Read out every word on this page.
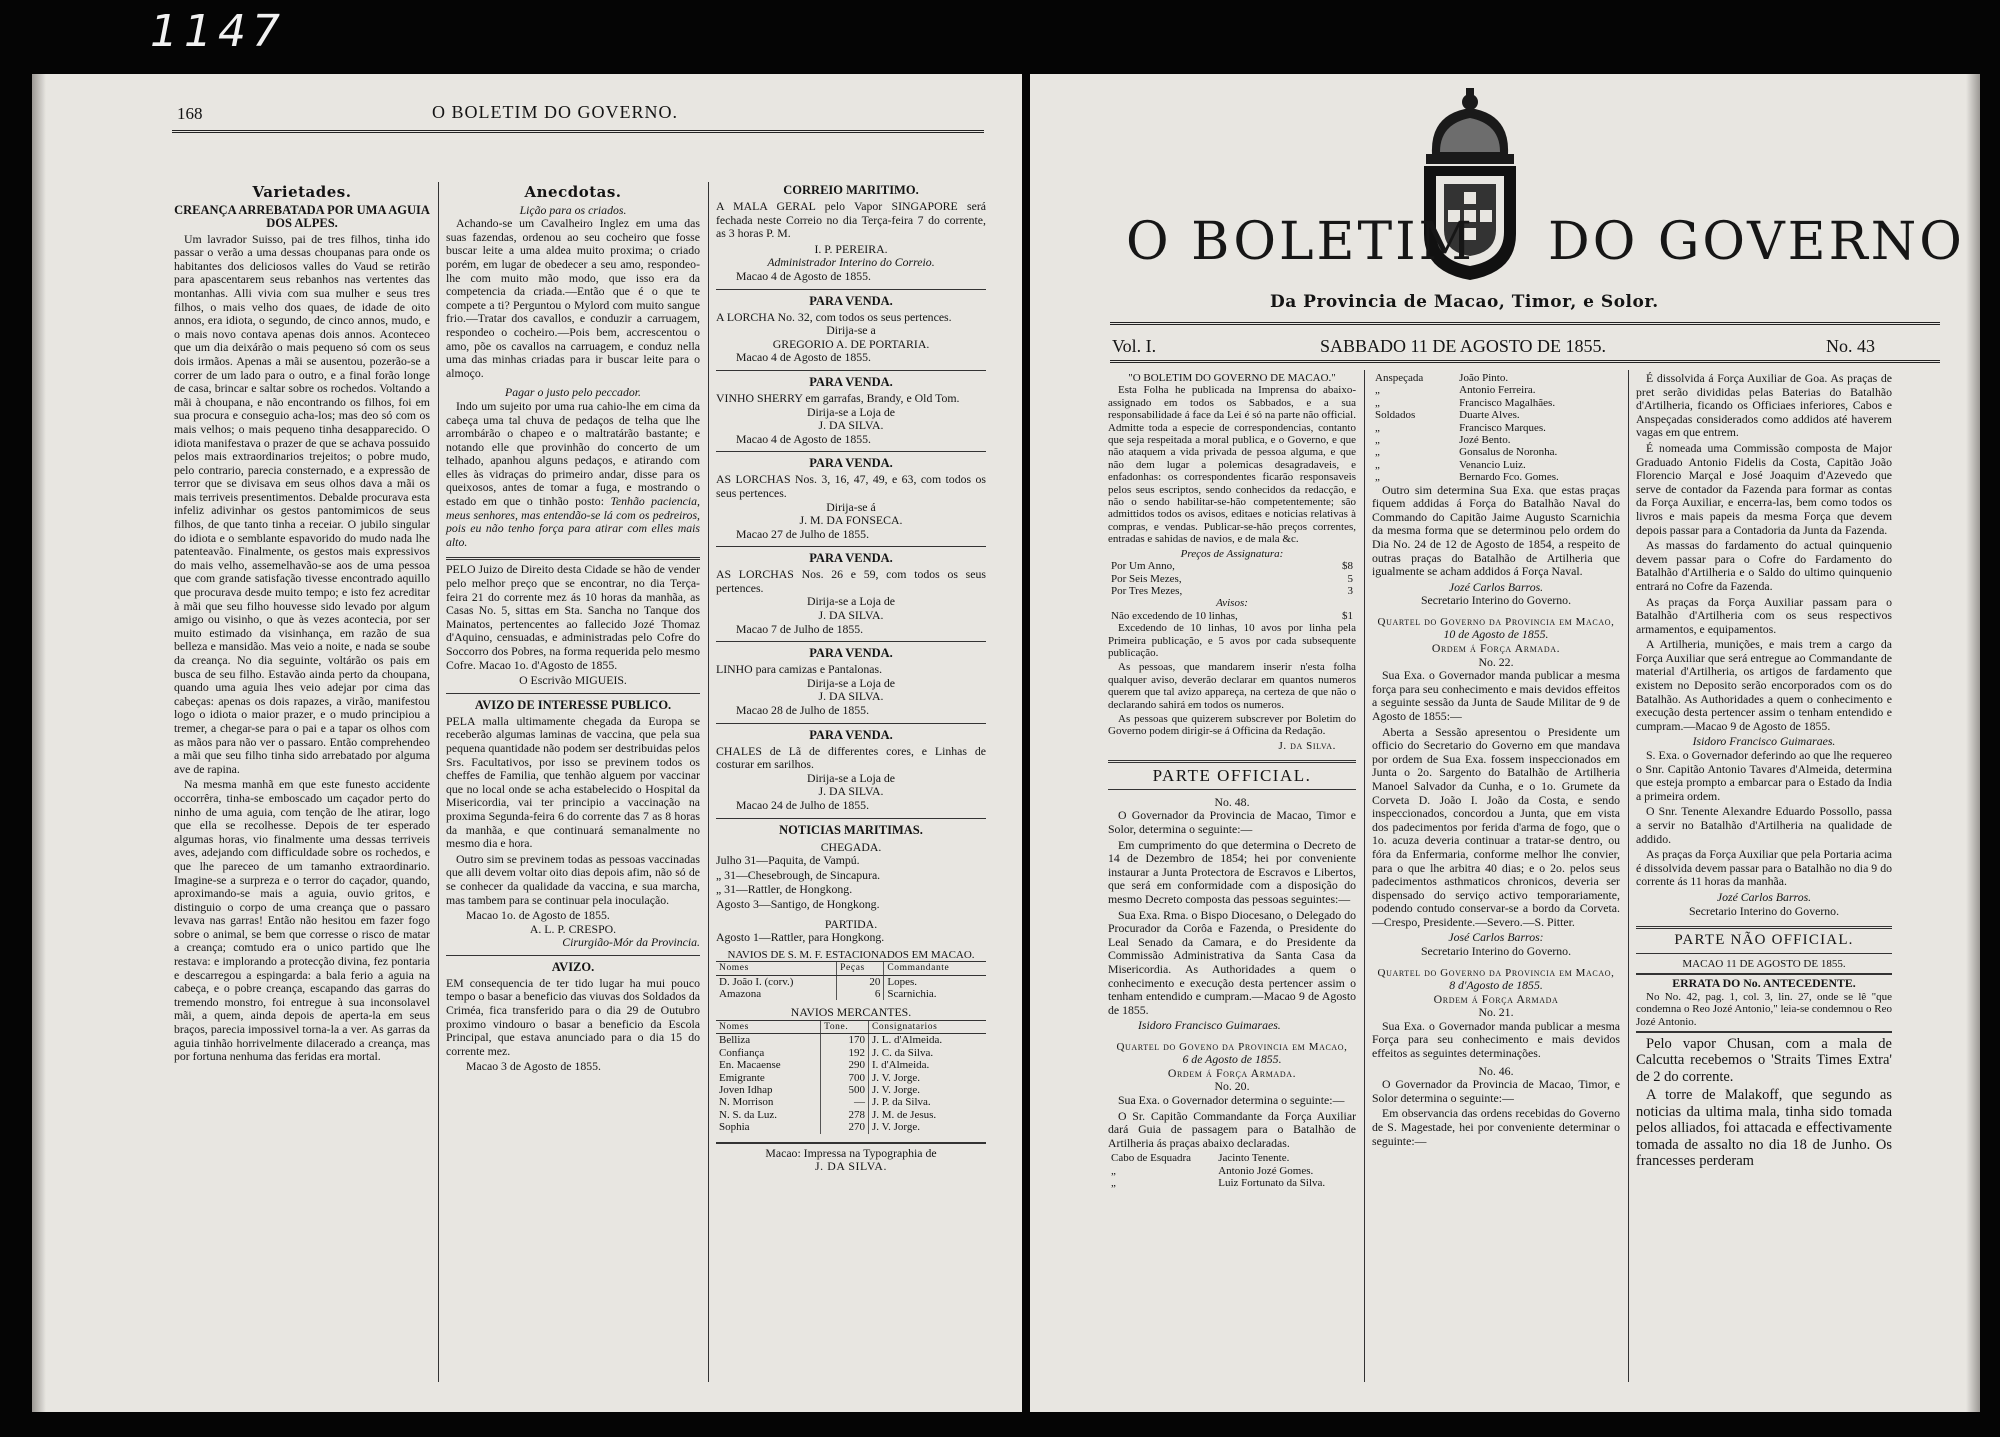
1147
168	O BOLETIM DO GOVERNO.
Varietades.
CREANÇA ARREBATADA POR UMA AGUIA DOS ALPES.

Um lavrador Suisso, pai de tres filhos, tinha ido passar o verão a uma dessas choupanas para onde os habitantes dos deliciosos valles do Vaud se retirão para apascentarem seus rebanhos nas vertentes das montanhas. Alli vivia com sua mulher e seus tres filhos, o mais velho dos quaes, de idade de oito annos, era idiota, o segundo, de cinco annos, mudo, e o mais novo contava apenas dois annos. Aconteceo que um dia deixárão o mais pequeno só com os seus dois irmãos. Apenas a mãi se ausentou, pozerão-se a correr de um lado para o outro, e a final forão longe de casa, brincar e saltar sobre os rochedos. Voltando a mãi à choupana, e não encontrando os filhos, foi em sua procura e conseguio acha-los; mas deo só com os mais velhos; o mais pequeno tinha desapparecido. O idiota manifestava o prazer de que se achava possuido pelos mais extraordinarios trejeitos; o pobre mudo, pelo contrario, parecia consternado, e a expressão de terror que se divisava em seus olhos dava a mãi os mais terriveis presentimentos. Debalde procurava esta infeliz adivinhar os gestos pantomimicos de seus filhos, de que tanto tinha a receiar. O jubilo singular do idiota e o semblante espavorido do mudo nada lhe patenteavão. Finalmente, os gestos mais expressivos do mais velho, assemelhavão-se aos de uma pessoa que com grande satisfação tivesse encontrado aquillo que procurava desde muito tempo; e isto fez acreditar à mãi que seu filho houvesse sido levado por algum amigo ou visinho, o que às vezes acontecia, por ser muito estimado da visinhança, em razão de sua belleza e mansidão. Mas veio a noite, e nada se soube da creança. No dia seguinte, voltárão os pais em busca de seu filho. Estavão ainda perto da choupana, quando uma aguia lhes veio adejar por cima das cabeças: apenas os dois rapazes, a virão, manifestou logo o idiota o maior prazer, e o mudo principiou a tremer, a chegar-se para o pai e a tapar os olhos com as mãos para não ver o passaro. Então comprehendeo a mãi que seu filho tinha sido arrebatado por alguma ave de rapina.

Na mesma manhã em que este funesto accidente occorrêra, tinha-se emboscado um caçador perto do ninho de uma aguia, com tenção de lhe atirar, logo que ella se recolhesse. Depois de ter esperado algumas horas, vio finalmente uma dessas terriveis aves, adejando com difficuldade sobre os rochedos, e que lhe pareceo de um tamanho extraordinario. Imagine-se a surpreza e o terror do caçador, quando, aproximando-se mais a aguia, ouvio gritos, e distinguio o corpo de uma creança que o passaro levava nas garras! Então não hesitou em fazer fogo sobre o animal, se bem que corresse o risco de matar a creança; comtudo era o unico partido que lhe restava: e implorando a protecção divina, fez pontaria e descarregou a espingarda: a bala ferio a aguia na cabeça, e o pobre creança, escapando das garras do tremendo monstro, foi entregue à sua inconsolavel mãi, a quem, ainda depois de aperta-la em seus braços, parecia impossivel torna-la a ver. As garras da aguia tinhão horrivelmente dilacerado a creança, mas por fortuna nenhuma das feridas era mortal.

Anecdotas.
Lição para os criados.

Achando-se um Cavalheiro Inglez em uma das suas fazendas, ordenou ao seu cocheiro que fosse buscar leite a uma aldea muito proxima; o criado porém, em lugar de obedecer a seu amo, respondeo-lhe com muito mão modo, que isso era da competencia da criada.—Então que é o que te compete a ti? Perguntou o Mylord com muito sangue frio.—Tratar dos cavallos, e conduzir a carruagem, respondeo o cocheiro.—Pois bem, accrescentou o amo, põe os cavallos na carruagem, e conduz nella uma das minhas criadas para ir buscar leite para o almoço.

Pagar o justo pelo peccador.

Indo um sujeito por uma rua cahio-lhe em cima da cabeça uma tal chuva de pedaços de telha que lhe arrombárão o chapeo e o maltratárão bastante; e notando elle que provinhão do concerto de um telhado, apanhou alguns pedaços, e atirando com elles às vidraças do primeiro andar, disse para os queixosos, antes de tomar a fuga, e mostrando o estado em que o tinhão posto: Tenhão paciencia, meus senhores, mas entendão-se lá com os pedreiros, pois eu não tenho força para atirar com elles mais alto.

PELO Juizo de Direito desta Cidade se hão de vender pelo melhor preço que se encontrar, no dia Terça-feira 21 do corrente mez ás 10 horas da manhãa, as Casas No. 5, sittas em Sta. Sancha no Tanque dos Mainatos, pertencentes ao fallecido Jozé Thomaz d'Aquino, censuadas, e administradas pelo Cofre do Soccorro dos Pobres, na forma requerida pelo mesmo Cofre. Macao 1o. d'Agosto de 1855.

O Escrivão MIGUEIS.
AVIZO DE INTERESSE PUBLICO.

PELA malla ultimamente chegada da Europa se receberão algumas laminas de vaccina, que pela sua pequena quantidade não podem ser destribuidas pelos Srs. Facultativos, por isso se previnem todos os cheffes de Familia, que tenhão alguem por vaccinar que no local onde se acha estabelecido o Hospital da Misericordia, vai ter principio a vaccinação na proxima Segunda-feira 6 do corrente das 7 as 8 horas da manhãa, e que continuará semanalmente no mesmo dia e hora.

Outro sim se previnem todas as pessoas vaccinadas que alli devem voltar oito dias depois afim, não só de se conhecer da qualidade da vaccina, e sua marcha, mas tambem para se continuar pela inoculação.

Macao 1o. de Agosto de 1855.
A. L. P. CRESPO.
Cirurgião-Mór da Provincia.
AVIZO.

EM consequencia de ter tido lugar ha mui pouco tempo o basar a beneficio das viuvas dos Soldados da Criméa, fica transferido para o dia 29 de Outubro proximo vindouro o basar a beneficio da Escola Principal, que estava anunciado para o dia 15 do corrente mez.

Macao 3 de Agosto de 1855.
CORREIO MARITIMO.

A MALA GERAL pelo Vapor SINGAPORE será fechada neste Correio no dia Terça-feira 7 do corrente, as 3 horas P. M.

I. P. PEREIRA.
Administrador Interino do Correio.
Macao 4 de Agosto de 1855.
PARA VENDA.
A LORCHA No. 32, com todos os seus pertences.
Dirija-se a
GREGORIO A. DE PORTARIA.
Macao 4 de Agosto de 1855.
PARA VENDA.
VINHO SHERRY em garrafas, Brandy, e Old Tom.
Dirija-se a Loja de
J. DA SILVA.
Macao 4 de Agosto de 1855.
PARA VENDA.
AS LORCHAS Nos. 3, 16, 47, 49, e 63, com todos os seus pertences.
Dirija-se á
J. M. DA FONSECA.
Macao 27 de Julho de 1855.
PARA VENDA.
AS LORCHAS Nos. 26 e 59, com todos os seus pertences.
Dirija-se a Loja de
J. DA SILVA.
Macao 7 de Julho de 1855.
PARA VENDA.
LINHO para camizas e Pantalonas.
Dirija-se a Loja de
J. DA SILVA.
Macao 28 de Julho de 1855.
PARA VENDA.
CHALES de Lã de differentes cores, e Linhas de costurar em sarilhos.
Dirija-se a Loja de
J. DA SILVA.
Macao 24 de Julho de 1855.
NOTICIAS MARITIMAS.
CHEGADA.
Julho 31—Paquita, de Vampú.
„ 31—Chesebrough, de Sincapura.
„ 31—Rattler, de Hongkong.
Agosto 3—Santigo, de Hongkong.
PARTIDA.
Agosto 1—Rattler, para Hongkong.
NAVIOS DE S. M. F. ESTACIONADOS EM MACAO.
Nomes	Peças	Commandante
D. João I. (corv.)	20	Lopes.
Amazona	6	Scarnichia.
NAVIOS MERCANTES.
Nomes	Tone.	Consignatarios
Belliza	170	J. L. d'Almeida.
Confiança	192	J. C. da Silva.
En. Macaense	290	I. d'Almeida.
Emigrante	700	J. V. Jorge.
Joven Idhap	500	J. V. Jorge.
N. Morrison	—	J. P. da Silva.
N. S. da Luz.	278	J. M. de Jesus.
Sophia	270	J. V. Jorge.
Macao: Impressa na Typographia de
J. DA SILVA.
O BOLETIM DO GOVERNO
Da Provincia de Macao, Timor, e Solor.
Vol. I.	SABBADO 11 DE AGOSTO DE 1855.	No. 43
"O BOLETIM DO GOVERNO DE MACAO."

Esta Folha he publicada na Imprensa do abaixo-assignado em todos os Sabbados, e a sua responsabilidade á face da Lei é só na parte não official. Admitte toda a especie de correspondencias, contanto que seja respeitada a moral publica, e o Governo, e que não ataquem a vida privada de pessoa alguma, e que não dem lugar a polemicas desagradaveis, e enfadonhas: os correspondentes ficarão responsaveis pelos seus escriptos, sendo conhecidos da redacção, e não o sendo habilitar-se-hão competentemente; são admittidos todos os avisos, editaes e noticias relativas à compras, e vendas. Publicar-se-hão preços correntes, entradas e sahidas de navios, e de mala &c.

Preços de Assignatura:
Por Um Anno,	$8
Por Seis Mezes,	5
Por Tres Mezes,	3
Avisos:
Não excedendo de 10 linhas,	$1

Excedendo de 10 linhas, 10 avos por linha pela Primeira publicação, e 5 avos por cada subsequente publicação.

As pessoas, que mandarem inserir n'esta folha qualquer aviso, deverão declarar em quantos numeros querem que tal avizo appareça, na certeza de que não o declarando sahirá em todos os numeros.

As pessoas que quizerem subscrever por Boletim do Governo podem dirigir-se á Officina da Redação.

J. da Silva.
PARTE OFFICIAL.
No. 48.

O Governador da Provincia de Macao, Timor e Solor, determina o seguinte:—

Em cumprimento do que determina o Decreto de 14 de Dezembro de 1854; hei por conveniente instaurar a Junta Protectora de Escravos e Libertos, que será em conformidade com a disposição do mesmo Decreto composta das pessoas seguintes:—

Sua Exa. Rma. o Bispo Diocesano, o Delegado do Procurador da Corôa e Fazenda, o Presidente do Leal Senado da Camara, e do Presidente da Commissão Administrativa da Santa Casa da Misericordia. As Authoridades a quem o conhecimento e execução desta pertencer assim o tenham entendido e cumpram.—Macao 9 de Agosto de 1855.

Isidoro Francisco Guimaraes.
Quartel do Goveno da Provincia em Macao,
6 de Agosto de 1855.
Ordem á Força Armada.
No. 20.

Sua Exa. o Governador determina o seguinte:—

O Sr. Capitão Commandante da Força Auxiliar dará Guia de passagem para o Batalhão de Artilheria ás praças abaixo declaradas.

Cabo de Esquadra	Jacinto Tenente.
„	Antonio Jozé Gomes.
„	Luiz Fortunato da Silva.
Anspeçada	João Pinto.
„	Antonio Ferreira.
„	Francisco Magalhães.
Soldados	Duarte Alves.
„	Francisco Marques.
„	Jozé Bento.
„	Gonsalus de Noronha.
„	Venancio Luiz.
„	Bernardo Fco. Gomes.

Outro sim determina Sua Exa. que estas praças fiquem addidas á Força do Batalhão Naval do Commando do Capitão Jaime Augusto Scarnichia da mesma forma que se determinou pelo ordem do Dia No. 24 de 12 de Agosto de 1854, a respeito de outras praças do Batalhão de Artilheria que igualmente se acham addidos á Força Naval.

Jozé Carlos Barros.
Secretario Interino do Governo.
Quartel do Governo da Provincia em Macao,
10 de Agosto de 1855.
Ordem á Força Armada.
No. 22.

Sua Exa. o Governador manda publicar a mesma força para seu conhecimento e mais devidos effeitos a seguinte sessão da Junta de Saude Militar de 9 de Agosto de 1855:—

Aberta a Sessão apresentou o Presidente um officio do Secretario do Governo em que mandava por ordem de Sua Exa. fossem inspeccionados em Junta o 2o. Sargento do Batalhão de Artilheria Manoel Salvador da Cunha, e o 1o. Grumete da Corveta D. João I. João da Costa, e sendo inspeccionados, concordou a Junta, que em vista dos padecimentos por ferida d'arma de fogo, que o 1o. acuza deveria continuar a tratar-se dentro, ou fóra da Enfermaria, conforme melhor lhe convier, para o que lhe arbitra 40 dias; e o 2o. pelos seus padecimentos asthmaticos chronicos, deveria ser dispensado do serviço activo temporariamente, podendo contudo conservar-se a bordo da Corveta.—Crespo, Presidente.—Severo.—S. Pitter.

José Carlos Barros:
Secretario Interino do Governo.
Quartel do Governo da Provincia em Macao,
8 d'Agosto de 1855.
Ordem á Força Armada
No. 21.

Sua Exa. o Governador manda publicar a mesma Força para seu conhecimento e mais devidos effeitos as seguintes determinações.

No. 46.

O Governador da Provincia de Macao, Timor, e Solor determina o seguinte:—

Em observancia das ordens recebidas do Governo de S. Magestade, hei por conveniente determinar o seguinte:—

É dissolvida á Força Auxiliar de Goa. As praças de pret serão divididas pelas Baterias do Batalhão d'Artilheria, ficando os Officiaes inferiores, Cabos e Anspeçadas considerados como addidos até haverem vagas em que entrem.

É nomeada uma Commissão composta de Major Graduado Antonio Fidelis da Costa, Capitão João Florencio Marçal e José Joaquim d'Azevedo que serve de contador da Fazenda para formar as contas da Força Auxiliar, e encerra-las, bem como todos os livros e mais papeis da mesma Força que devem depois passar para a Contadoria da Junta da Fazenda.

As massas do fardamento do actual quinquenio devem passar para o Cofre do Fardamento do Batalhão d'Artilheria e o Saldo do ultimo quinquenio entrará no Cofre da Fazenda.

As praças da Força Auxiliar passam para o Batalhão d'Artilheria com os seus respectivos armamentos, e equipamentos.

A Artilheria, munições, e mais trem a cargo da Força Auxiliar que será entregue ao Commandante de material d'Artilheria, os artigos de fardamento que existem no Deposito serão encorporados com os do Batalhão. As Authoridades a quem o conhecimento e execução desta pertencer assim o tenham entendido e cumpram.—Macao 9 de Agosto de 1855.

Isidoro Francisco Guimaraes.

S. Exa. o Governador deferindo ao que lhe requereo o Snr. Capitão Antonio Tavares d'Almeida, determina que esteja prompto a embarcar para o Estado da India a primeira ordem.

O Snr. Tenente Alexandre Eduardo Possollo, passa a servir no Batalhão d'Artilheria na qualidade de addido.

As praças da Força Auxiliar que pela Portaria acima é dissolvida devem passar para o Batalhão no dia 9 do corrente ás 11 horas da manhãa.

Jozé Carlos Barros.
Secretario Interino do Governo.
PARTE NÃO OFFICIAL.
MACAO 11 DE AGOSTO DE 1855.
ERRATA DO No. ANTECEDENTE.

No No. 42, pag. 1, col. 3, lin. 27, onde se lê "que condemna o Reo Jozé Antonio," leia-se condemnou o Reo Jozé Antonio.

Pelo vapor Chusan, com a mala de Calcutta recebemos o 'Straits Times Extra' de 2 do corrente.

A torre de Malakoff, que segundo as noticias da ultima mala, tinha sido tomada pelos alliados, foi attacada e effectivamente tomada de assalto no dia 18 de Junho. Os francesses perderam
